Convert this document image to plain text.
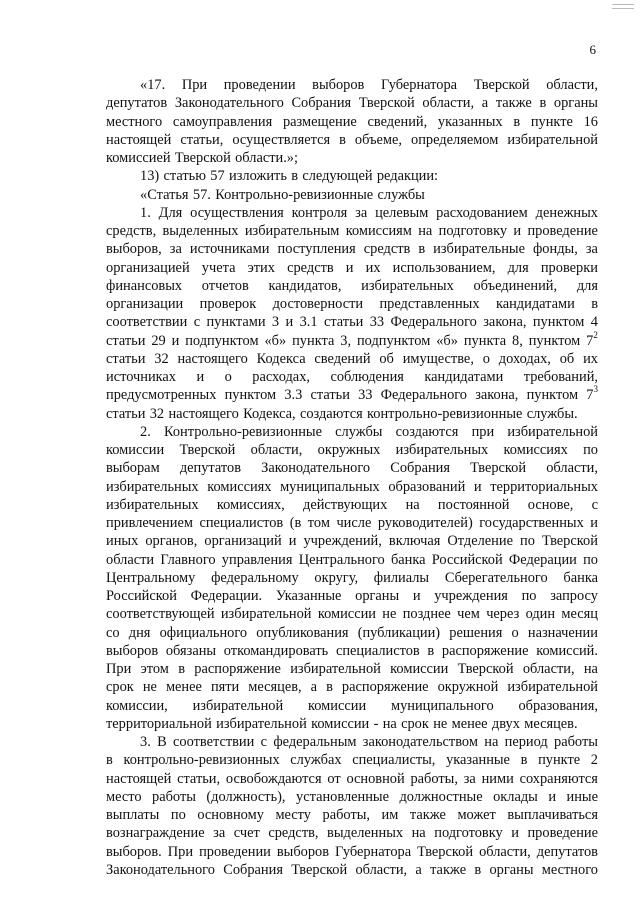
6
«17. При проведении выборов Губернатора Тверской области,
депутатов Законодательного Собрания Тверской области, а также в органы
местного самоуправления размещение сведений, указанных в пункте 16
настоящей статьи, осуществляется в объеме, определяемом избирательной
комиссией Тверской области.»;
13) статью 57 изложить в следующей редакции:
«Статья 57. Контрольно-ревизионные службы
1. Для осуществления контроля за целевым расходованием денежных
средств, выделенных избирательным комиссиям на подготовку и проведение
выборов, за источниками поступления средств в избирательные фонды, за
организацией учета этих средств и их использованием, для проверки
финансовых отчетов кандидатов, избирательных объединений, для
организации проверок достоверности представленных кандидатами в
соответствии с пунктами 3 и 3.1 статьи 33 Федерального закона, пунктом 4
статьи 29 и подпунктом «б» пункта 3, подпунктом «б» пункта 8, пунктом $7^2$
статьи 32 настоящего Кодекса сведений об имуществе, о доходах, об их
источниках и о расходах, соблюдения кандидатами требований,
предусмотренных пунктом 3.3 статьи 33 Федерального закона, пунктом $7^3$
статьи 32 настоящего Кодекса, создаются контрольно-ревизионные службы.
2. Контрольно-ревизионные службы создаются при избирательной
комиссии Тверской области, окружных избирательных комиссиях по
выборам депутатов Законодательного Собрания Тверской области,
избирательных комиссиях муниципальных образований и территориальных
избирательных комиссиях, действующих на постоянной основе, с
привлечением специалистов (в том числе руководителей) государственных и
иных органов, организаций и учреждений, включая Отделение по Тверской
области Главного управления Центрального банка Российской Федерации по
Центральному федеральному округу, филиалы Сберегательного банка
Российской Федерации. Указанные органы и учреждения по запросу
соответствующей избирательной комиссии не позднее чем через один месяц
со дня официального опубликования (публикации) решения о назначении
выборов обязаны откомандировать специалистов в распоряжение комиссий.
При этом в распоряжение избирательной комиссии Тверской области, на
срок не менее пяти месяцев, а в распоряжение окружной избирательной
комиссии, избирательной комиссии муниципального образования,
территориальной избирательной комиссии - на срок не менее двух месяцев.
3. В соответствии с федеральным законодательством на период работы
в контрольно-ревизионных службах специалисты, указанные в пункте 2
настоящей статьи, освобождаются от основной работы, за ними сохраняются
место работы (должность), установленные должностные оклады и иные
выплаты по основному месту работы, им также может выплачиваться
вознаграждение за счет средств, выделенных на подготовку и проведение
выборов. При проведении выборов Губернатора Тверской области, депутатов
Законодательного Собрания Тверской области, а также в органы местного
